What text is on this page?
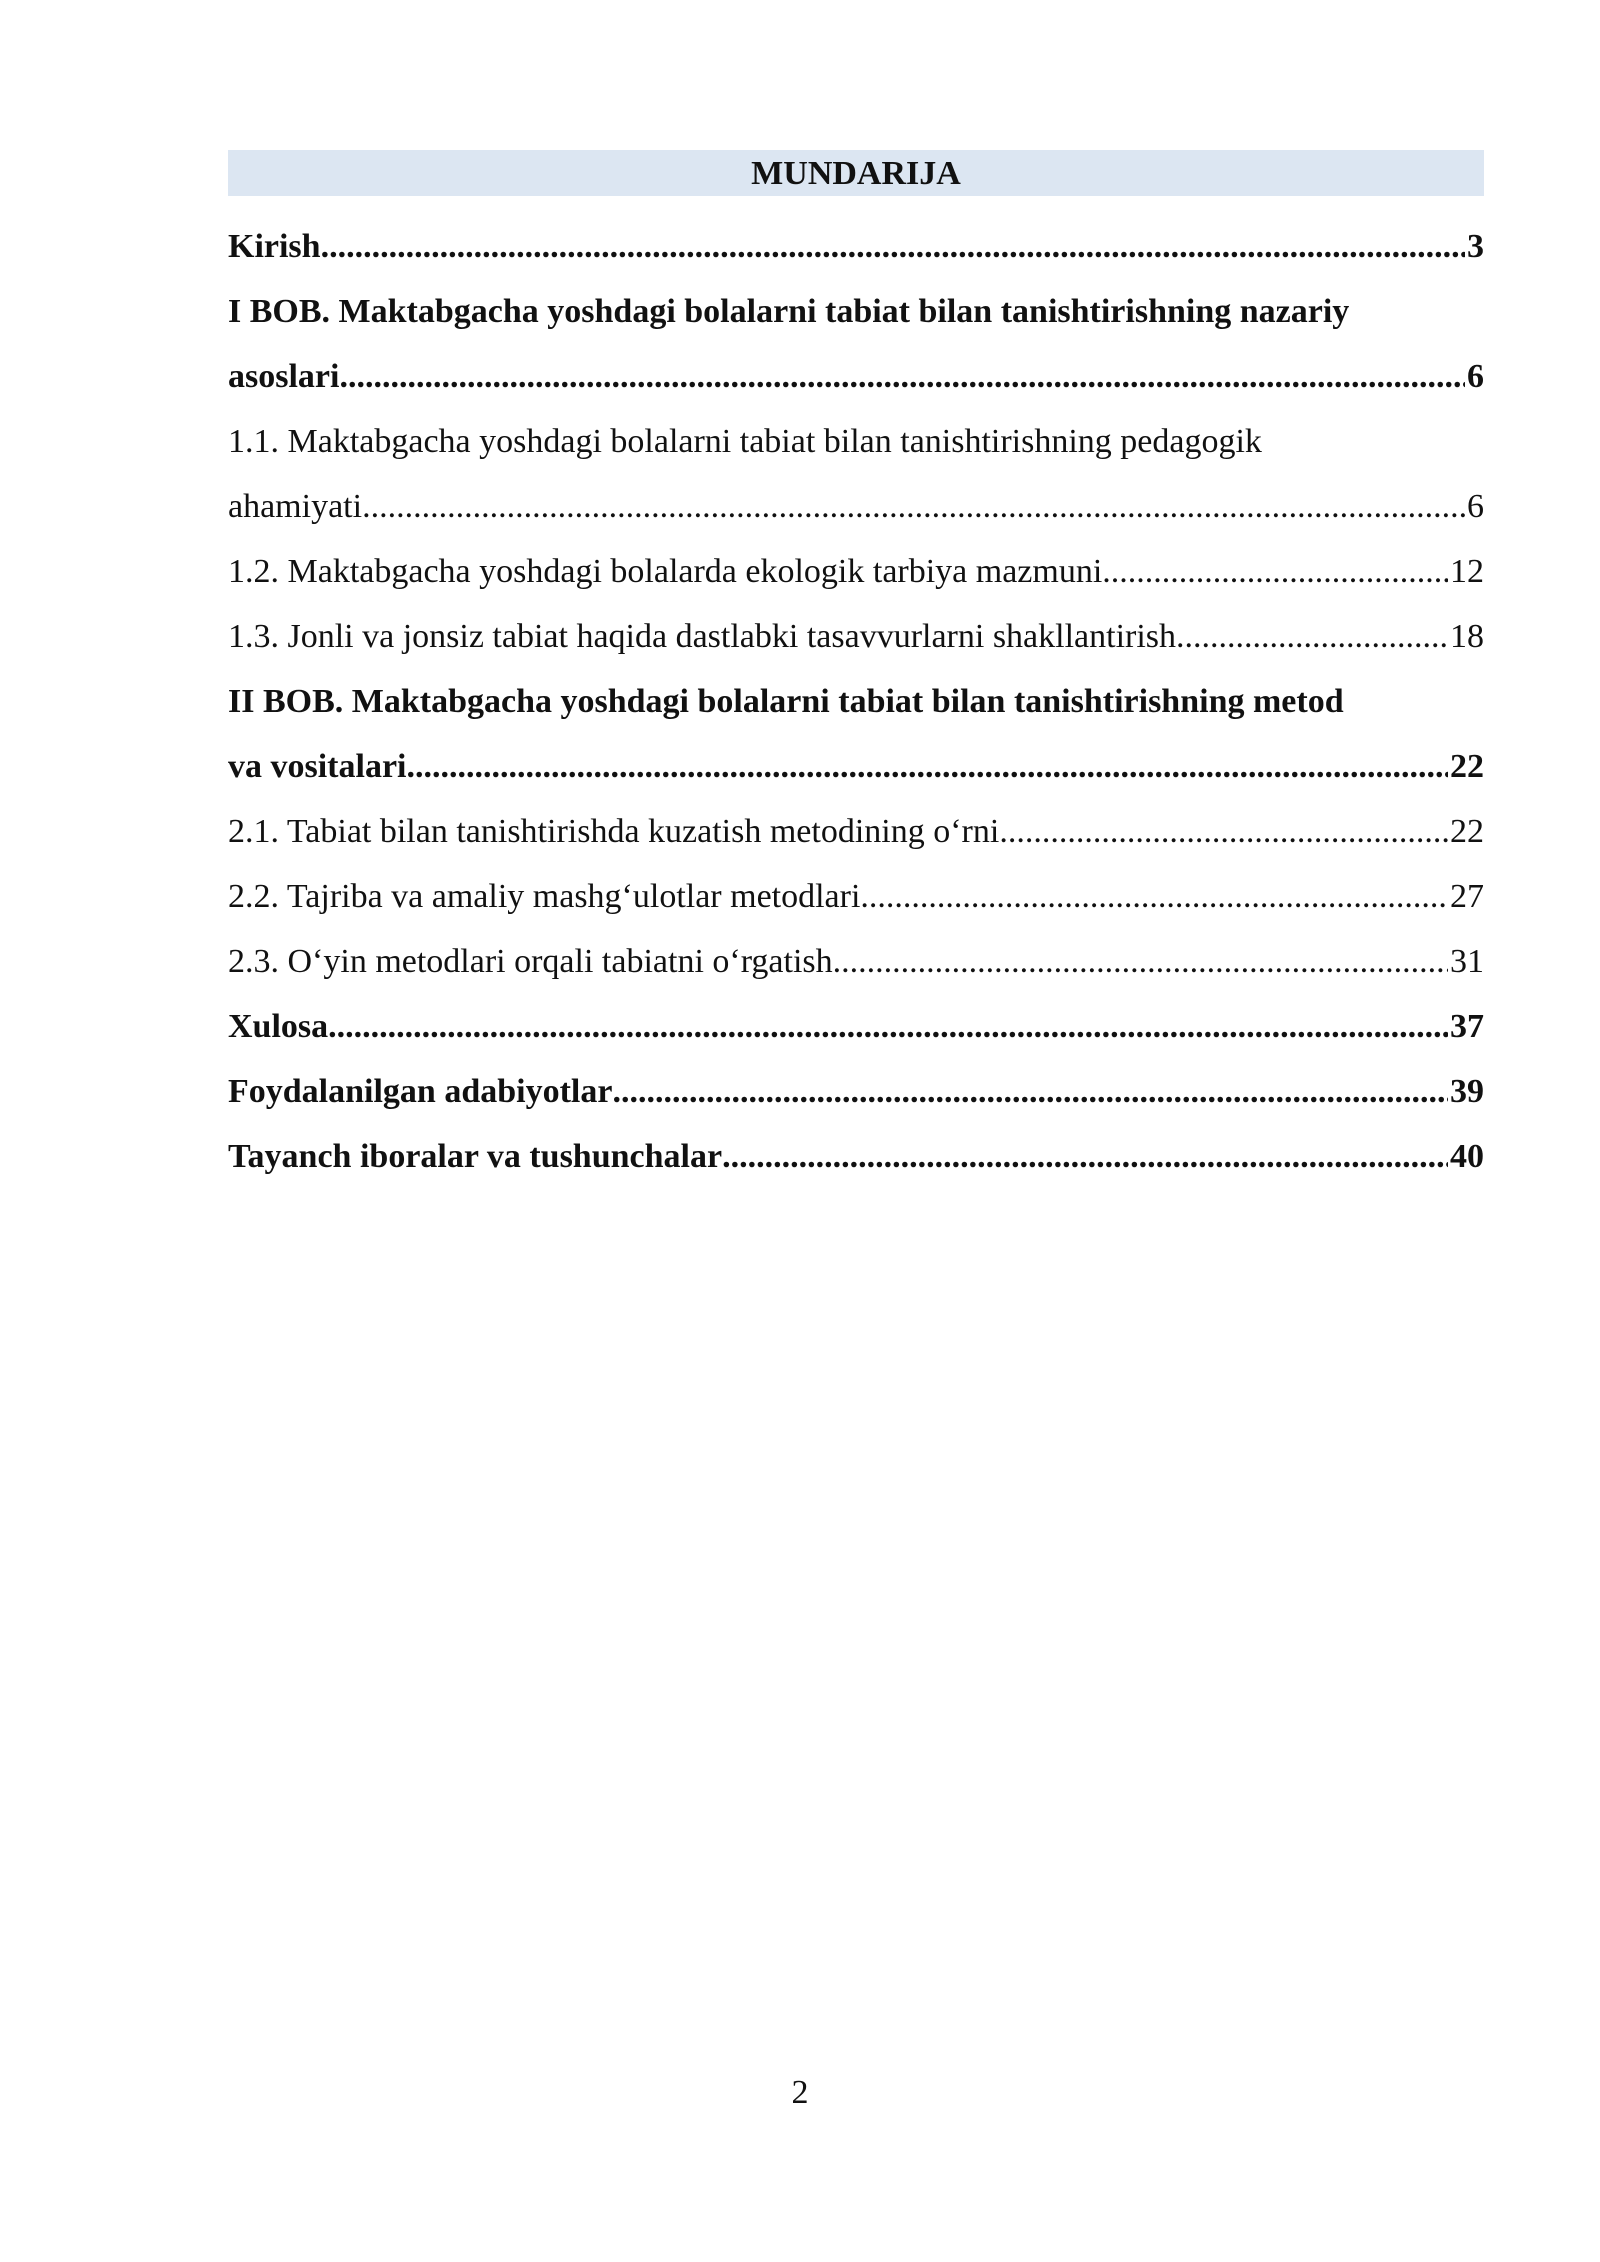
MUNDARIJA
Kirish .....	3
I BOB. Maktabgacha yoshdagi bolalarni tabiat bilan tanishtirishning nazariy
asoslari .....	6
1.1. Maktabgacha yoshdagi bolalarni tabiat bilan tanishtirishning pedagogik
ahamiyati .....	6
1.2. Maktabgacha yoshdagi bolalarda ekologik tarbiya mazmuni .....	12
1.3. Jonli va jonsiz tabiat haqida dastlabki tasavvurlarni shakllantirish .....	18
II BOB. Maktabgacha yoshdagi bolalarni tabiat bilan tanishtirishning metod
va vositalari .....	22
2.1. Tabiat bilan tanishtirishda kuzatish metodining o‘rni .....	22
2.2. Tajriba va amaliy mashg‘ulotlar metodlari .....	27
2.3. O‘yin metodlari orqali tabiatni o‘rgatish .....	31
Xulosa .....	37
Foydalanilgan adabiyotlar .....	39
Tayanch iboralar va tushunchalar .....	40
2
